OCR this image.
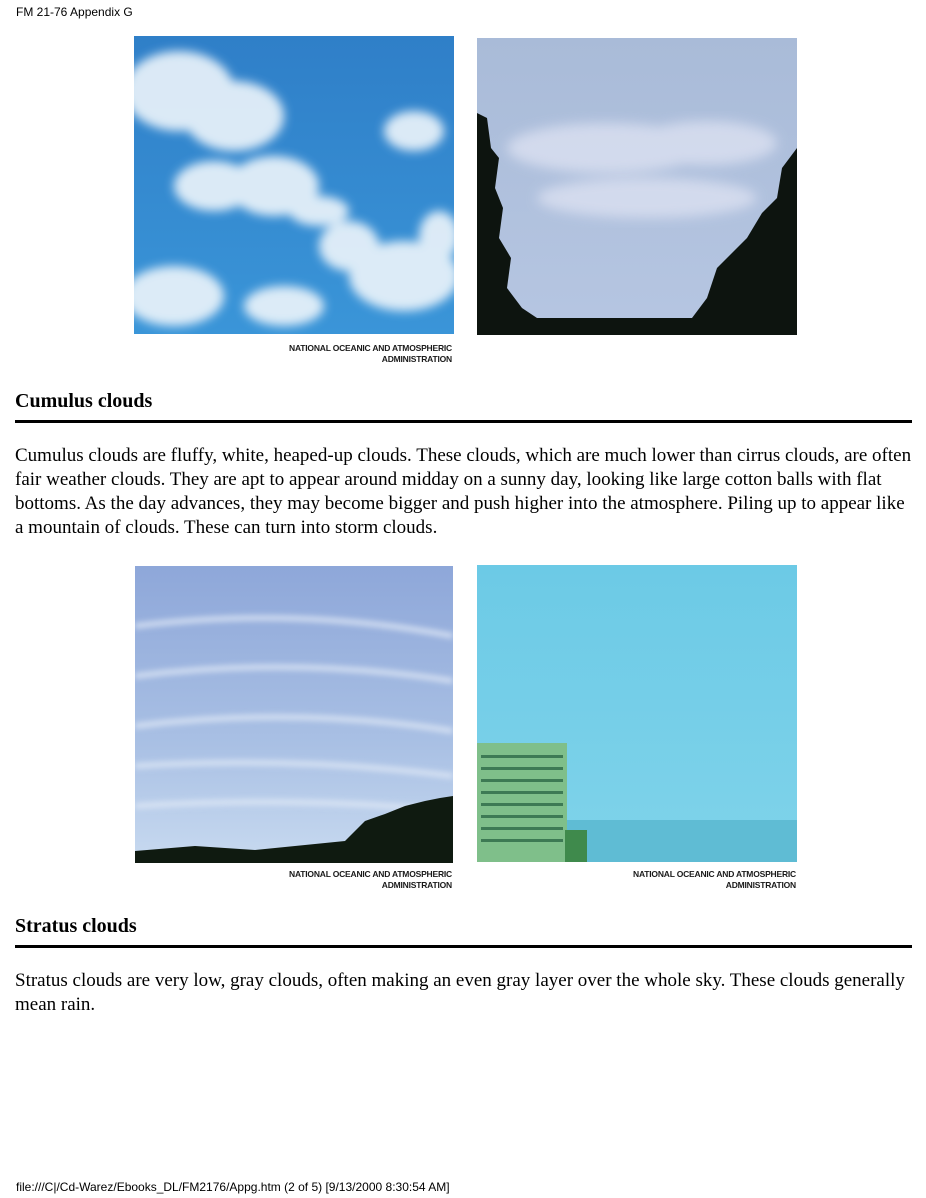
FM 21-76 Appendix G
NATIONAL OCEANIC AND ATMOSPHERIC
ADMINISTRATION
Cumulus clouds

Cumulus clouds are fluffy, white, heaped-up clouds. These clouds, which are much lower than cirrus clouds, are often fair weather clouds. They are apt to appear around midday on a sunny day, looking like large cotton balls with flat bottoms. As the day advances, they may become bigger and push higher into the atmosphere. Piling up to appear like a mountain of clouds. These can turn into storm clouds.

NATIONAL OCEANIC AND ATMOSPHERIC
ADMINISTRATION
NATIONAL OCEANIC AND ATMOSPHERIC
ADMINISTRATION
Stratus clouds

Stratus clouds are very low, gray clouds, often making an even gray layer over the whole sky. These clouds generally mean rain.

file:///C|/Cd-Warez/Ebooks_DL/FM2176/Appg.htm (2 of 5) [9/13/2000 8:30:54 AM]
